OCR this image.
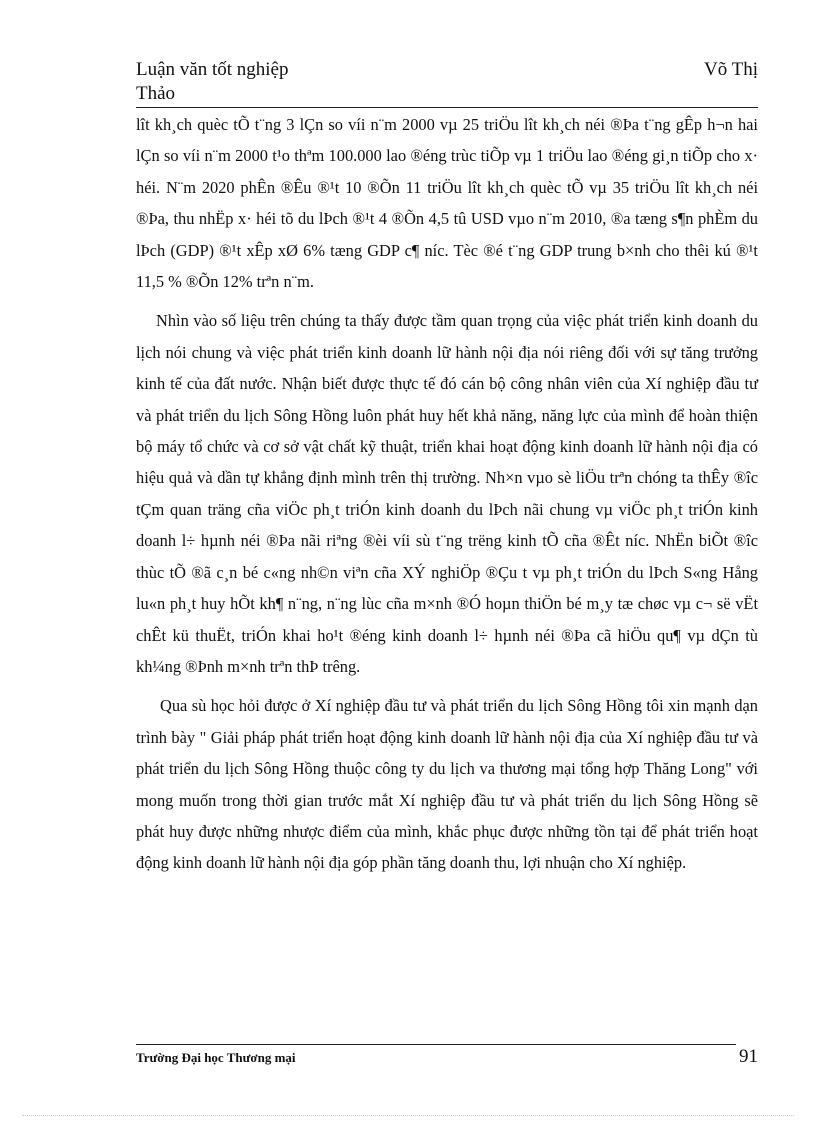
Luận văn tốt nghiệp
Thảo
Võ Thị

lît kh¸ch quèc tÕ t¨ng 3 lÇn so víi n¨m 2000 vµ 25 triÖu lît kh¸ch néi ®Þa t¨ng gÊp h¬n hai lÇn so víi n¨m 2000 t¹o thªm 100.000 lao ®éng trùc tiÕp vµ 1 triÖu lao ®éng gi¸n tiÕp cho x· héi. N¨m 2020 phÊn ®Êu ®¹t 10 ®Õn 11 triÖu lît kh¸ch quèc tÕ vµ 35 triÖu lît kh¸ch néi ®Þa, thu nhËp x· héi tõ du lÞch ®¹t 4 ®Õn 4,5 tû USD vµo n¨m 2010, ®a tæng s¶n phÈm du lÞch (GDP) ®¹t xÊp xØ 6% tæng GDP c¶ níc. Tèc ®é t¨ng GDP trung b×nh cho thêi kú ®¹t 11,5 % ®Õn 12% trªn n¨m.

Nhìn vào số liệu trên chúng ta thấy được tầm quan trọng của việc phát triển kinh doanh du lịch nói chung và việc phát triển kinh doanh lữ hành nội địa nói riêng đối với sự tăng trưởng kinh tế của đất nước. Nhận biết được thực tế đó cán bộ công nhân viên của Xí nghiệp đầu tư và phát triển du lịch Sông Hồng luôn phát huy hết khả năng, năng lực của mình để hoàn thiện bộ máy tổ chức và cơ sở vật chất kỹ thuật, triển khai hoạt động kinh doanh lữ hành nội địa có hiệu quả và dần tự khẳng định mình trên thị trường. Nh×n vµo sè liÖu trªn chóng ta thÊy ®îc tÇm quan träng cña viÖc ph¸t triÓn kinh doanh du lÞch nãi chung vµ viÖc ph¸t triÓn kinh doanh l÷ hµnh néi ®Þa nãi riªng ®èi víi sù t¨ng trëng kinh tÕ cña ®Êt níc. NhËn biÕt ®îc thùc tÕ ®ã c¸n bé c«ng nh©n viªn cña XÝ nghiÖp ®Çu t vµ ph¸t triÓn du lÞch S«ng Hång lu«n ph¸t huy hÕt kh¶ n¨ng, n¨ng lùc cña m×nh ®Ó hoµn thiÖn bé m¸y tæ chøc vµ c¬ së vËt chÊt kü thuËt, triÓn khai ho¹t ®éng kinh doanh l÷ hµnh néi ®Þa cã hiÖu qu¶ vµ dÇn tù kh¼ng ®Þnh m×nh trªn thÞ trêng.

Qua sù học hỏi được ở Xí nghiệp đầu tư và phát triển du lịch Sông Hồng tôi xin mạnh dạn trình bày " Giải pháp phát triển hoạt động kinh doanh lữ hành nội địa của Xí nghiệp đầu tư và phát triển du lịch Sông Hồng thuộc công ty du lịch va thương mại tổng hợp Thăng Long" với mong muốn trong thời gian trước mắt Xí nghiệp đầu tư và phát triển du lịch Sông Hồng sẽ phát huy được những nhược điểm của mình, khắc phục được những tồn tại để phát triển hoạt động kinh doanh lữ hành nội địa góp phần tăng doanh thu, lợi nhuận cho Xí nghiệp.

Trường Đại học Thương mại	91
